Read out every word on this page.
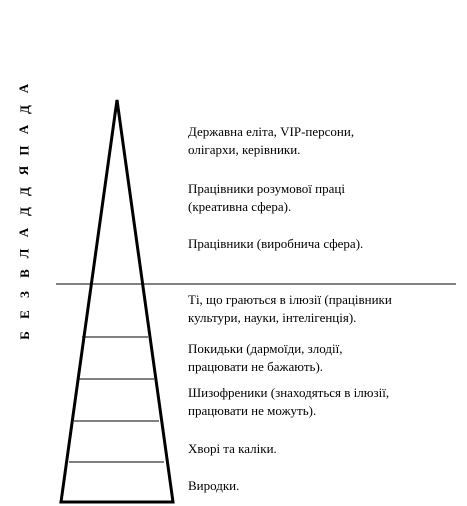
А
Д
А
П
Я
Д
Д
А
Л
В
З
Е
Б
Державна еліта, VIP-персони,
олігархи, керівники.
Працівники розумової праці
(креативна сфера).
Працівники (виробнича сфера).
Ті, що граються в ілюзії (працівники
культури, науки, інтелігенція).
Покидьки (дармоїди, злодії,
працювати не бажають).
Шизофреники (знаходяться в ілюзії,
працювати не можуть).
Хворі та каліки.
Виродки.
